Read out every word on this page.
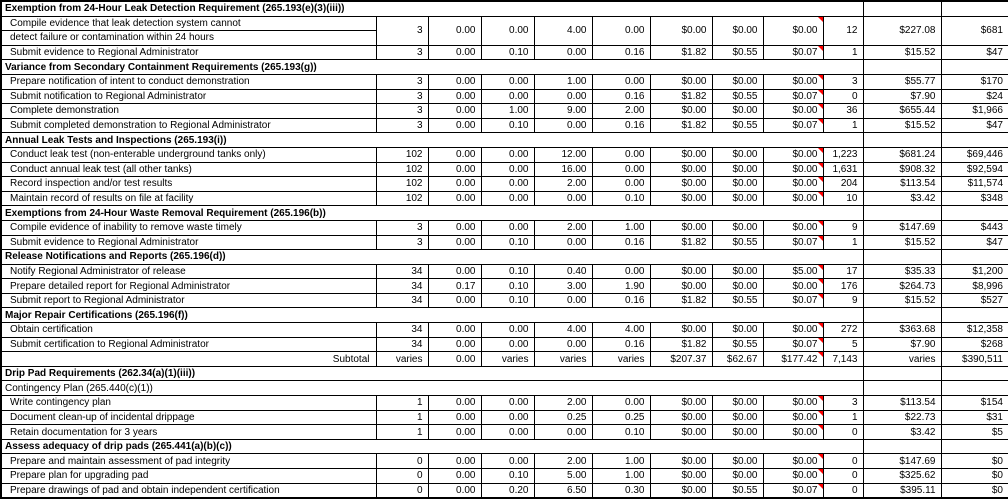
Exemption from 24-Hour Leak Detection Requirement (265.193(e)(3)(iii))											
Compile evidence that leak detection system cannot	3	0.00	0.00	4.00	0.00	$0.00	$0.00	$0.00	12	$227.08	$681
detect failure or contamination within 24 hours											
Submit evidence to Regional Administrator	3	0.00	0.10	0.00	0.16	$1.82	$0.55	$0.07	1	$15.52	$47
Variance from Secondary Containment Requirements (265.193(g))											
Prepare notification of intent to conduct demonstration	3	0.00	0.00	1.00	0.00	$0.00	$0.00	$0.00	3	$55.77	$170
Submit notification to Regional Administrator	3	0.00	0.00	0.00	0.16	$1.82	$0.55	$0.07	0	$7.90	$24
Complete demonstration	3	0.00	1.00	9.00	2.00	$0.00	$0.00	$0.00	36	$655.44	$1,966
Submit completed demonstration to Regional Administrator	3	0.00	0.10	0.00	0.16	$1.82	$0.55	$0.07	1	$15.52	$47
Annual Leak Tests and Inspections (265.193(i))											
Conduct leak test (non-enterable underground tanks only)	102	0.00	0.00	12.00	0.00	$0.00	$0.00	$0.00	1,223	$681.24	$69,446
Conduct annual leak test (all other tanks)	102	0.00	0.00	16.00	0.00	$0.00	$0.00	$0.00	1,631	$908.32	$92,594
Record inspection and/or test results	102	0.00	0.00	2.00	0.00	$0.00	$0.00	$0.00	204	$113.54	$11,574
Maintain record of results on file at facility	102	0.00	0.00	0.00	0.10	$0.00	$0.00	$0.00	10	$3.42	$348
Exemptions from 24-Hour Waste Removal Requirement (265.196(b))											
Compile evidence of inability to remove waste timely	3	0.00	0.00	2.00	1.00	$0.00	$0.00	$0.00	9	$147.69	$443
Submit evidence to Regional Administrator	3	0.00	0.10	0.00	0.16	$1.82	$0.55	$0.07	1	$15.52	$47
Release Notifications and Reports (265.196(d))											
Notify Regional Administrator of release	34	0.00	0.10	0.40	0.00	$0.00	$0.00	$5.00	17	$35.33	$1,200
Prepare detailed report for Regional Administrator	34	0.17	0.10	3.00	1.90	$0.00	$0.00	$0.00	176	$264.73	$8,996
Submit report to Regional Administrator	34	0.00	0.10	0.00	0.16	$1.82	$0.55	$0.07	9	$15.52	$527
Major Repair Certifications (265.196(f))											
Obtain certification	34	0.00	0.00	4.00	4.00	$0.00	$0.00	$0.00	272	$363.68	$12,358
Submit certification to Regional Administrator	34	0.00	0.00	0.00	0.16	$1.82	$0.55	$0.07	5	$7.90	$268
Subtotal	varies	0.00	varies	varies	varies	$207.37	$62.67	$177.42	7,143	varies	$390,511
Drip Pad Requirements (262.34(a)(1)(iii))											
Contingency Plan (265.440(c)(1))											
Write contingency plan	1	0.00	0.00	2.00	0.00	$0.00	$0.00	$0.00	3	$113.54	$154
Document clean-up of incidental drippage	1	0.00	0.00	0.25	0.25	$0.00	$0.00	$0.00	1	$22.73	$31
Retain documentation for 3 years	1	0.00	0.00	0.00	0.10	$0.00	$0.00	$0.00	0	$3.42	$5
Assess adequacy of drip pads (265.441(a)(b)(c))											
Prepare and maintain assessment of pad integrity	0	0.00	0.00	2.00	1.00	$0.00	$0.00	$0.00	0	$147.69	$0
Prepare plan for upgrading pad	0	0.00	0.10	5.00	1.00	$0.00	$0.00	$0.00	0	$325.62	$0
Prepare drawings of pad and obtain independent certification	0	0.00	0.20	6.50	0.30	$0.00	$0.55	$0.07	0	$395.11	$0
